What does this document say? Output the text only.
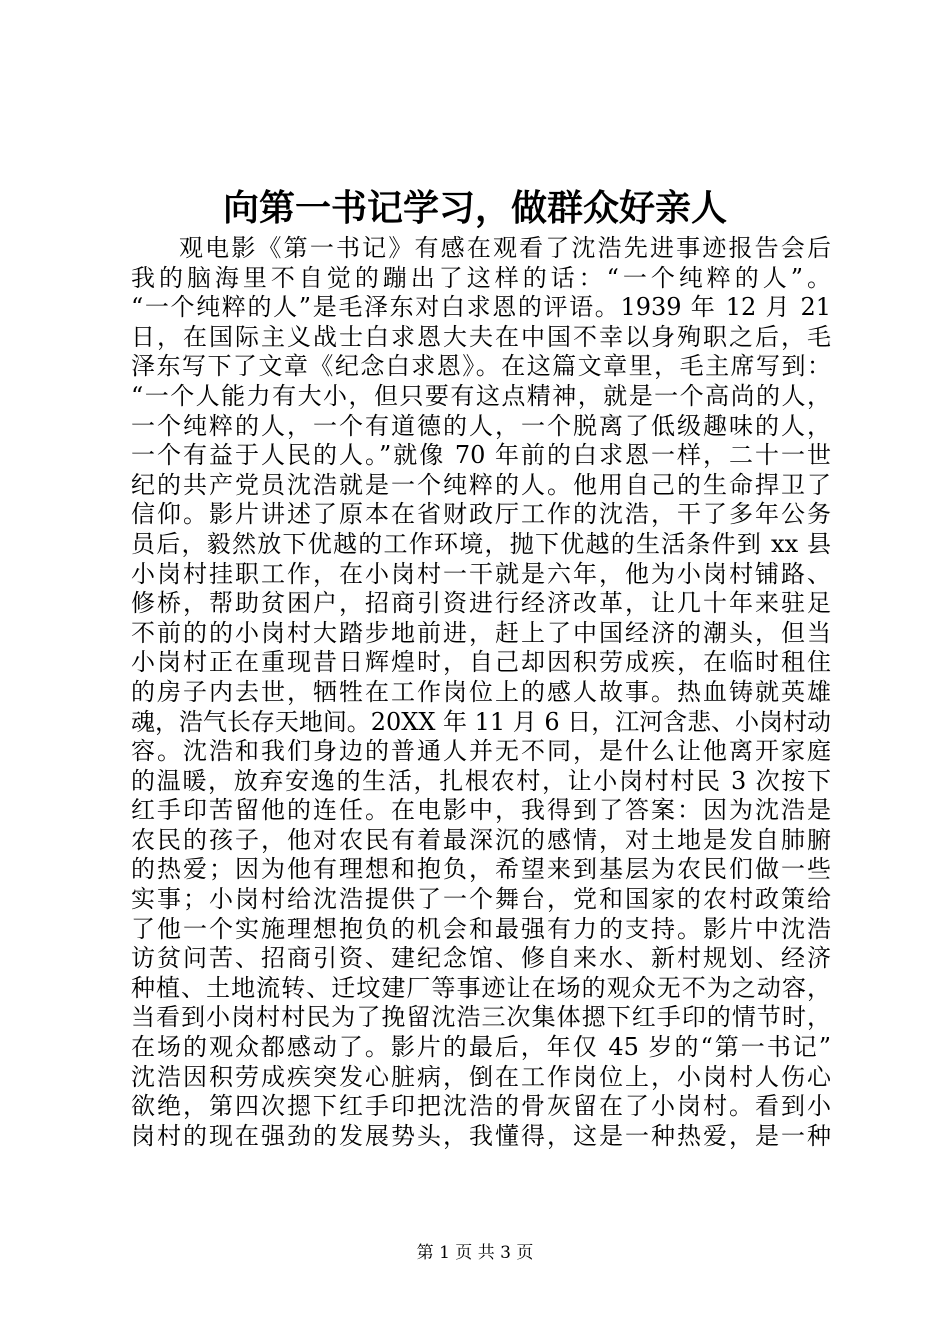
向第一书记学习，做群众好亲人
观电影《第一书记》有感在观看了沈浩先进事迹报告会后
我的脑海里不自觉的蹦出了这样的话：“一个纯粹的人”。
“一个纯粹的人”是毛泽东对白求恩的评语。1939 年 12 月 21
日，在国际主义战士白求恩大夫在中国不幸以身殉职之后，毛
泽东写下了文章《纪念白求恩》。在这篇文章里，毛主席写到：
“一个人能力有大小，但只要有这点精神，就是一个高尚的人，
一个纯粹的人，一个有道德的人，一个脱离了低级趣味的人，
一个有益于人民的人。”就像 70 年前的白求恩一样，二十一世
纪的共产党员沈浩就是一个纯粹的人。他用自己的生命捍卫了
信仰。影片讲述了原本在省财政厅工作的沈浩，干了多年公务
员后，毅然放下优越的工作环境，抛下优越的生活条件到 xx 县
小岗村挂职工作，在小岗村一干就是六年，他为小岗村铺路、
修桥，帮助贫困户，招商引资进行经济改革，让几十年来驻足
不前的的小岗村大踏步地前进，赶上了中国经济的潮头，但当
小岗村正在重现昔日辉煌时，自己却因积劳成疾，在临时租住
的房子内去世，牺牲在工作岗位上的感人故事。热血铸就英雄
魂，浩气长存天地间。20XX 年 11 月 6 日，江河含悲、小岗村动
容。沈浩和我们身边的普通人并无不同，是什么让他离开家庭
的温暖，放弃安逸的生活，扎根农村，让小岗村村民 3 次按下
红手印苦留他的连任。在电影中，我得到了答案：因为沈浩是
农民的孩子，他对农民有着最深沉的感情，对土地是发自肺腑
的热爱；因为他有理想和抱负，希望来到基层为农民们做一些
实事；小岗村给沈浩提供了一个舞台，党和国家的农村政策给
了他一个实施理想抱负的机会和最强有力的支持。影片中沈浩
访贫问苦、招商引资、建纪念馆、修自来水、新村规划、经济
种植、土地流转、迁坟建厂等事迹让在场的观众无不为之动容，
当看到小岗村村民为了挽留沈浩三次集体摁下红手印的情节时，
在场的观众都感动了。影片的最后，年仅 45 岁的“第一书记”
沈浩因积劳成疾突发心脏病，倒在工作岗位上，小岗村人伤心
欲绝，第四次摁下红手印把沈浩的骨灰留在了小岗村。看到小
岗村的现在强劲的发展势头，我懂得，这是一种热爱，是一种
第 1 页 共 3 页
